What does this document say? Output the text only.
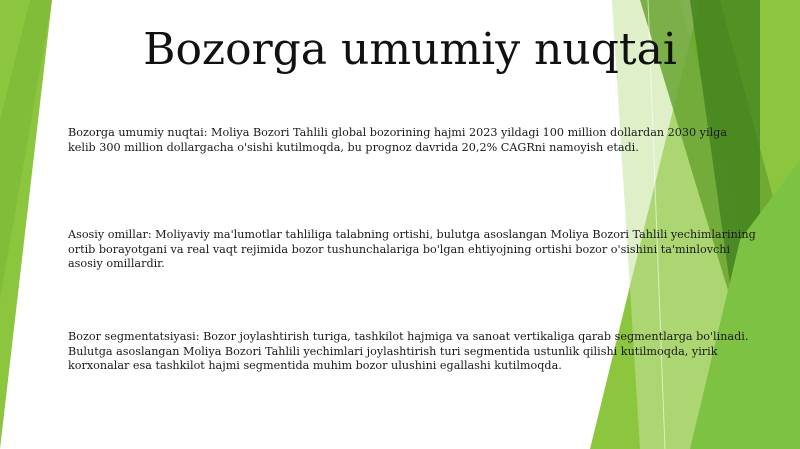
Bozorga umumiy nuqtai

Bozorga umumiy nuqtai: Moliya Bozori Tahlili global bozorining hajmi 2023 yildagi 100 million dollardan 2030 yilga kelib 300 million dollargacha o'sishi kutilmoqda, bu prognoz davrida 20,2% CAGRni namoyish etadi.

Asosiy omillar: Moliyaviy ma'lumotlar tahliliga talabning ortishi, bulutga asoslangan Moliya Bozori Tahlili yechimlarining ortib borayotgani va real vaqt rejimida bozor tushunchalariga bo'lgan ehtiyojning ortishi bozor o'sishini ta'minlovchi asosiy omillardir.

Bozor segmentatsiyasi: Bozor joylashtirish turiga, tashkilot hajmiga va sanoat vertikaliga qarab segmentlarga bo'linadi. Bulutga asoslangan Moliya Bozori Tahlili yechimlari joylashtirish turi segmentida ustunlik qilishi kutilmoqda, yirik korxonalar esa tashkilot hajmi segmentida muhim bozor ulushini egallashi kutilmoqda.
